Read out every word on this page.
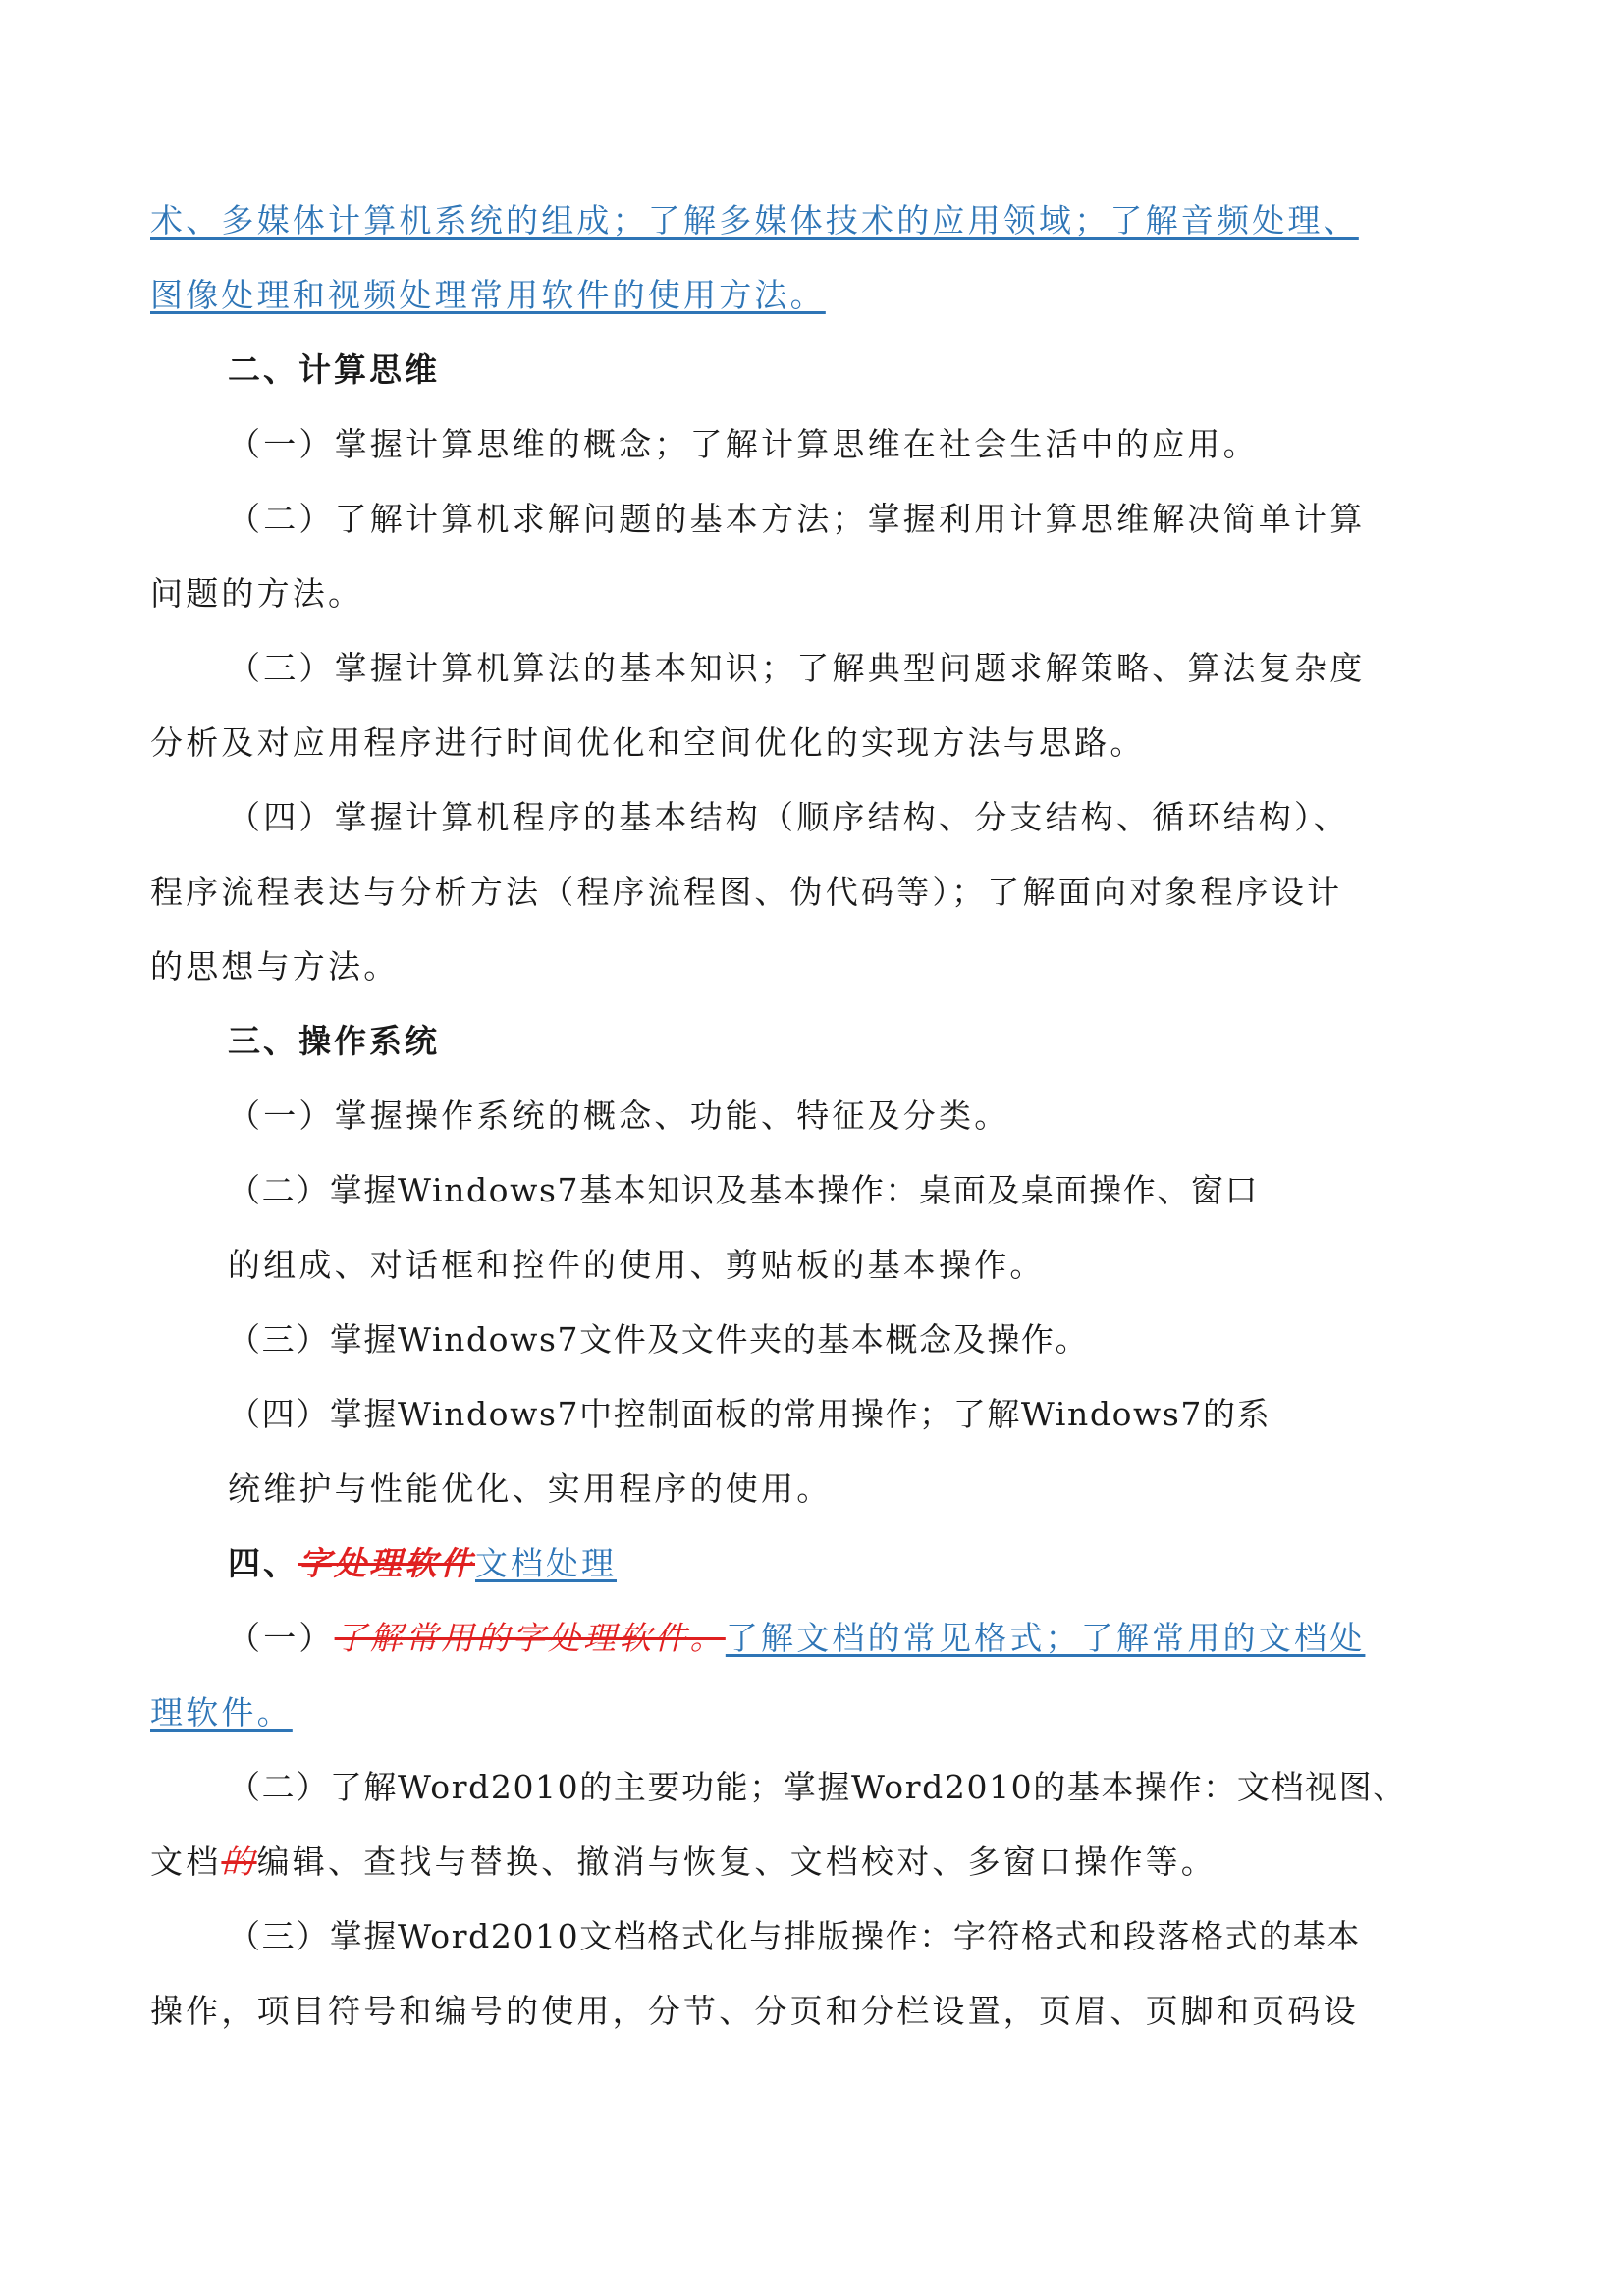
术、多媒体计算机系统的组成；了解多媒体技术的应用领域；了解音频处理、
图像处理和视频处理常用软件的使用方法。
二、计算思维
（一）掌握计算思维的概念；了解计算思维在社会生活中的应用。
（二）了解计算机求解问题的基本方法；掌握利用计算思维解决简单计算
问题的方法。
（三）掌握计算机算法的基本知识；了解典型问题求解策略、算法复杂度
分析及对应用程序进行时间优化和空间优化的实现方法与思路。
（四）掌握计算机程序的基本结构（顺序结构、分支结构、循环结构）、
程序流程表达与分析方法（程序流程图、伪代码等）；了解面向对象程序设计
的思想与方法。
三、操作系统
（一）掌握操作系统的概念、功能、特征及分类。
（二）掌握Windows7基本知识及基本操作：桌面及桌面操作、窗口
的组成、对话框和控件的使用、剪贴板的基本操作。
（三）掌握Windows7文件及文件夹的基本概念及操作。
（四）掌握Windows7中控制面板的常用操作；了解Windows7的系
统维护与性能优化、实用程序的使用。
四、字处理软件文档处理
（一）了解常用的字处理软件。了解文档的常见格式；了解常用的文档处
理软件。
（二）了解Word2010的主要功能；掌握Word2010的基本操作：文档视图、
文档的编辑、查找与替换、撤消与恢复、文档校对、多窗口操作等。
（三）掌握Word2010文档格式化与排版操作：字符格式和段落格式的基本
操作，项目符号和编号的使用，分节、分页和分栏设置，页眉、页脚和页码设
